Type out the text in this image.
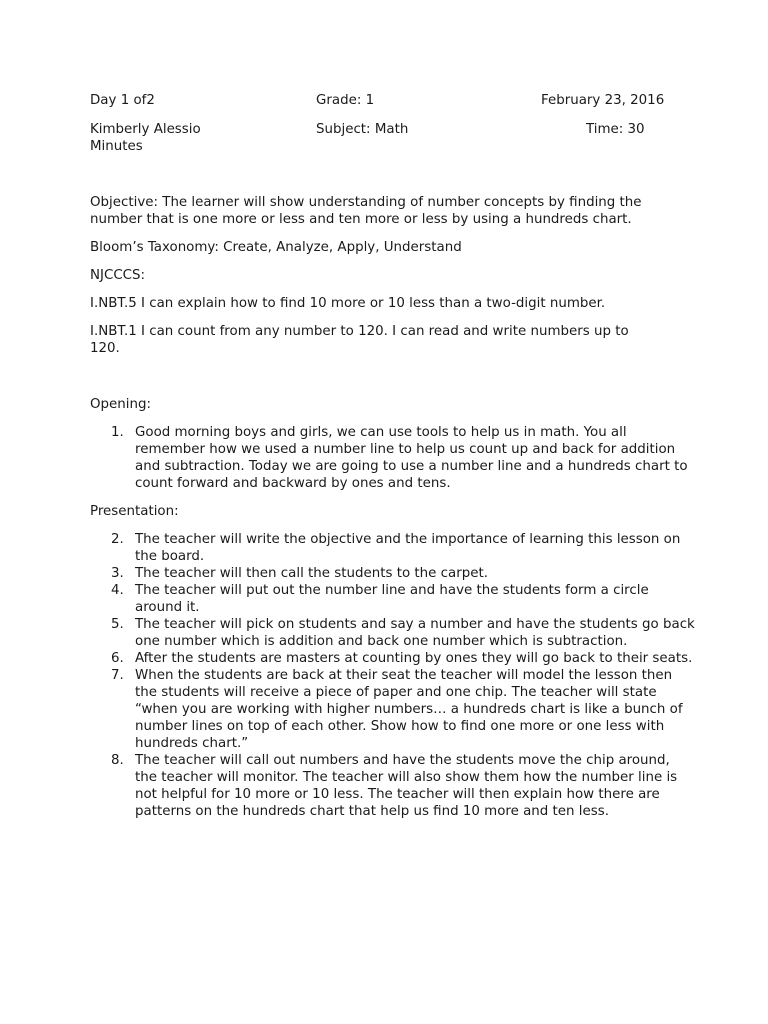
Day 1 of2	Grade: 1	February 23, 2016
Kimberly Alessio	Subject: Math	Time: 30
Minutes

Objective: The learner will show understanding of number concepts by finding the number that is one more or less and ten more or less by using a hundreds chart.

Bloom’s Taxonomy: Create, Analyze, Apply, Understand

NJCCCS:

I.NBT.5 I can explain how to find 10 more or 10 less than a two-digit number.

I.NBT.1 I can count from any number to 120. I can read and write numbers up to 120.

Opening:

1. Good morning boys and girls, we can use tools to help us in math. You all remember how we used a number line to help us count up and back for addition and subtraction. Today we are going to use a number line and a hundreds chart to count forward and backward by ones and tens.

Presentation:

2. The teacher will write the objective and the importance of learning this lesson on the board.
3. The teacher will then call the students to the carpet.
4. The teacher will put out the number line and have the students form a circle around it.
5. The teacher will pick on students and say a number and have the students go back one number which is addition and back one number which is subtraction.
6. After the students are masters at counting by ones they will go back to their seats.
7. When the students are back at their seat the teacher will model the lesson then the students will receive a piece of paper and one chip. The teacher will state “when you are working with higher numbers… a hundreds chart is like a bunch of number lines on top of each other. Show how to find one more or one less with hundreds chart.”
8. The teacher will call out numbers and have the students move the chip around, the teacher will monitor. The teacher will also show them how the number line is not helpful for 10 more or 10 less. The teacher will then explain how there are patterns on the hundreds chart that help us find 10 more and ten less.
